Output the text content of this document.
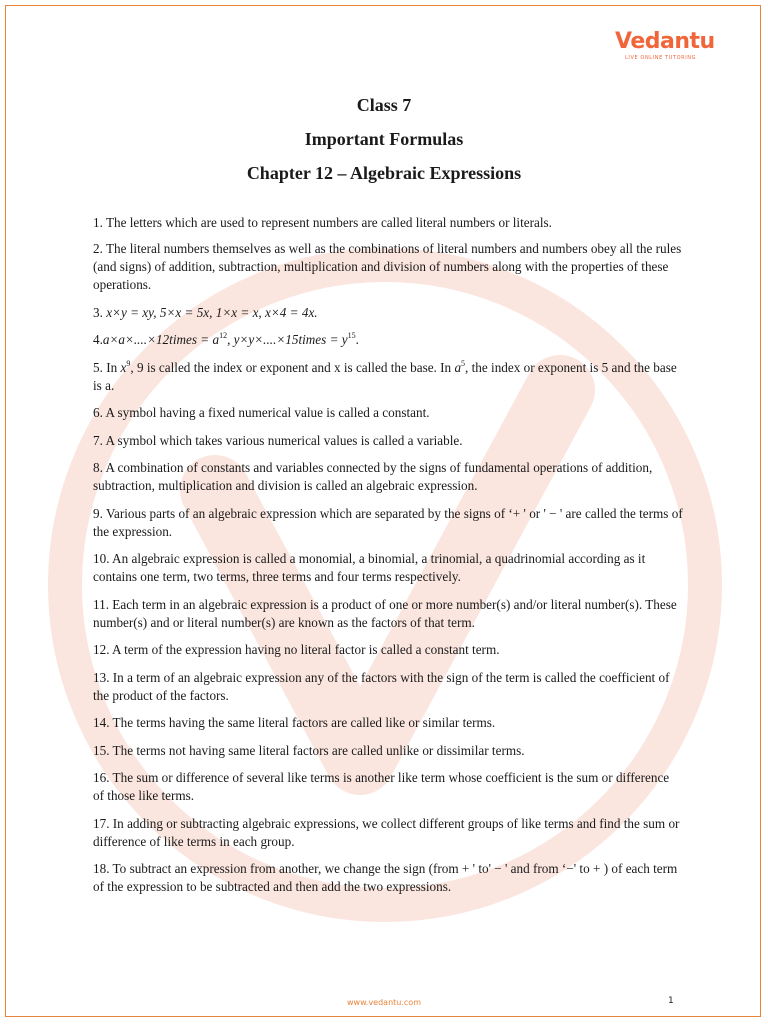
Vedantu
LIVE ONLINE TUTORING
Class 7
Important Formulas
Chapter 12 – Algebraic Expressions
1. The letters which are used to represent numbers are called literal numbers or literals.
2. The literal numbers themselves as well as the combinations of literal numbers and numbers obey all the rules (and signs) of addition, subtraction, multiplication and division of numbers along with the properties of these operations.
3. x×y = xy, 5×x = 5x, 1×x = x, x×4 = 4x.
4.a×a×....×12times = $a^{12}$, y×y×....×15times = $y^{15}$.
5. In $x^9$, 9 is called the index or exponent and x is called the base. In $a^5$, the index or exponent is 5 and the base is a.
6. A symbol having a fixed numerical value is called a constant.
7. A symbol which takes various numerical values is called a variable.
8. A combination of constants and variables connected by the signs of fundamental operations of addition, subtraction, multiplication and division is called an algebraic expression.
9. Various parts of an algebraic expression which are separated by the signs of ‘+ ' or ' − ' are called the terms of the expression.
10. An algebraic expression is called a monomial, a binomial, a trinomial, a quadrinomial according as it contains one term, two terms, three terms and four terms respectively.
11. Each term in an algebraic expression is a product of one or more number(s) and/or literal number(s). These number(s) and or literal number(s) are known as the factors of that term.
12. A term of the expression having no literal factor is called a constant term.
13. In a term of an algebraic expression any of the factors with the sign of the term is called the coefficient of the product of the factors.
14. The terms having the same literal factors are called like or similar terms.
15. The terms not having same literal factors are called unlike or dissimilar terms.
16. The sum or difference of several like terms is another like term whose coefficient is the sum or difference of those like terms.
17. In adding or subtracting algebraic expressions, we collect different groups of like terms and find the sum or difference of like terms in each group.
18. To subtract an expression from another, we change the sign (from + ' to' − ' and from ‘−' to + ) of each term of the expression to be subtracted and then add the two expressions.
www.vedantu.com	1
